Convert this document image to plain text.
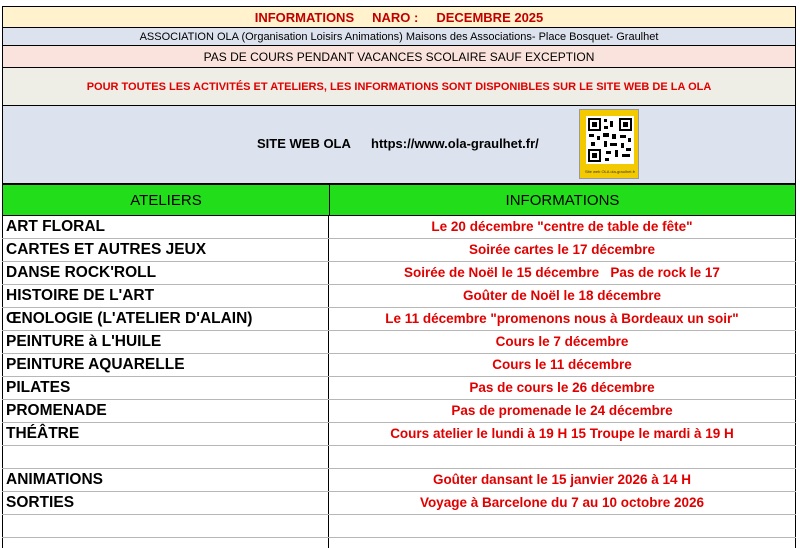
INFORMATIONS NARO : DECEMBRE 2025
ASSOCIATION OLA (Organisation Loisirs Animations) Maisons des Associations- Place Bosquet- Graulhet
PAS DE COURS PENDANT VACANCES SCOLAIRE SAUF EXCEPTION
POUR TOUTES LES ACTIVITÉS ET ATELIERS, LES INFORMATIONS SONT DISPONIBLES SUR LE SITE WEB DE LA OLA
SITE WEB OLA https://www.ola-graulhet.fr/
Site web OLA ola-graulhet.fr
ATELIERS	INFORMATIONS
ART FLORAL	Le 20 décembre "centre de table de fête"
CARTES ET AUTRES JEUX	Soirée cartes le 17 décembre
DANSE ROCK'ROLL	Soirée de Noël le 15 décembre   Pas de rock le 17
HISTOIRE DE L'ART	Goûter de Noël le 18 décembre
ŒNOLOGIE (L'ATELIER D'ALAIN)	Le 11 décembre "promenons nous à Bordeaux un soir"
PEINTURE à L'HUILE	Cours le 7 décembre
PEINTURE AQUARELLE	Cours le 11 décembre
PILATES	Pas de cours le 26 décembre
PROMENADE	Pas de promenade le 24 décembre
THÉÂTRE	Cours atelier le lundi à 19 H 15 Troupe le mardi à 19 H
ANIMATIONS	Goûter dansant le 15 janvier 2026 à 14 H
SORTIES	Voyage à Barcelone du 7 au 10 octobre 2026
